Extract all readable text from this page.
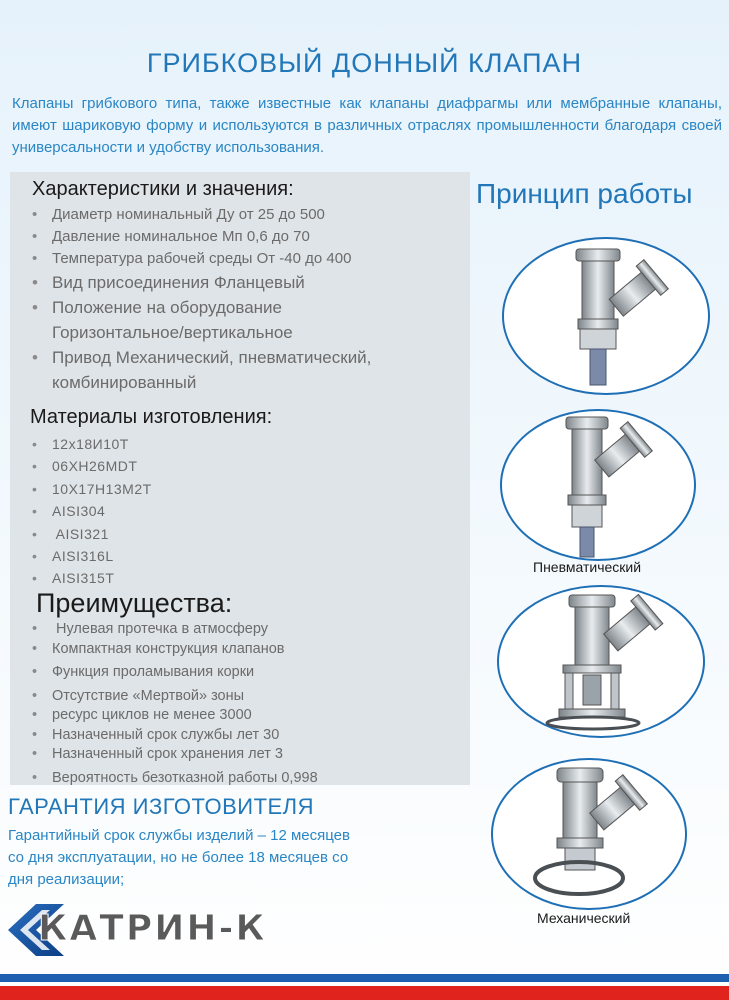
ГРИБКОВЫЙ ДОННЫЙ КЛАПАН
Клапаны грибкового типа, также известные как клапаны диафрагмы или мембранные клапаны, имеют шариковую форму и используются в различных отраслях промышленности благодаря своей универсальности и удобству использования.
Характеристики и значения:
• Диаметр номинальный Ду от 25 до 500
• Давление номинальное Мп 0,6 до 70
• Температура рабочей среды От -40 до 400
• Вид присоединения Фланцевый
• Положение на оборудование Горизонтальное/вертикальное
• Привод Механический, пневматический, комбинированный
Материалы изготовления:
• 12х18И10Т
• 06ХН26MDT
• 10Х17Н13М2Т
• AISI304
•  AISI321
• AISI316L
• AISI315T
Преимущества:
•  Нулевая протечка в атмосферу
• Компактная конструкция клапанов
• Функция проламывания корки
• Отсутствие «Мертвой» зоны
• ресурс циклов не менее 3000
• Назначенный срок службы лет 30
• Назначенный срок хранения лет 3
• Вероятность безотказной работы 0,998
Принцип работы
Пневматический
Механический
ГАРАНТИЯ ИЗГОТОВИТЕЛЯ
Гарантийный срок службы изделий – 12 месяцев со дня эксплуатации, но не более 18 месяцев со дня реализации;
КАТРИН-К
